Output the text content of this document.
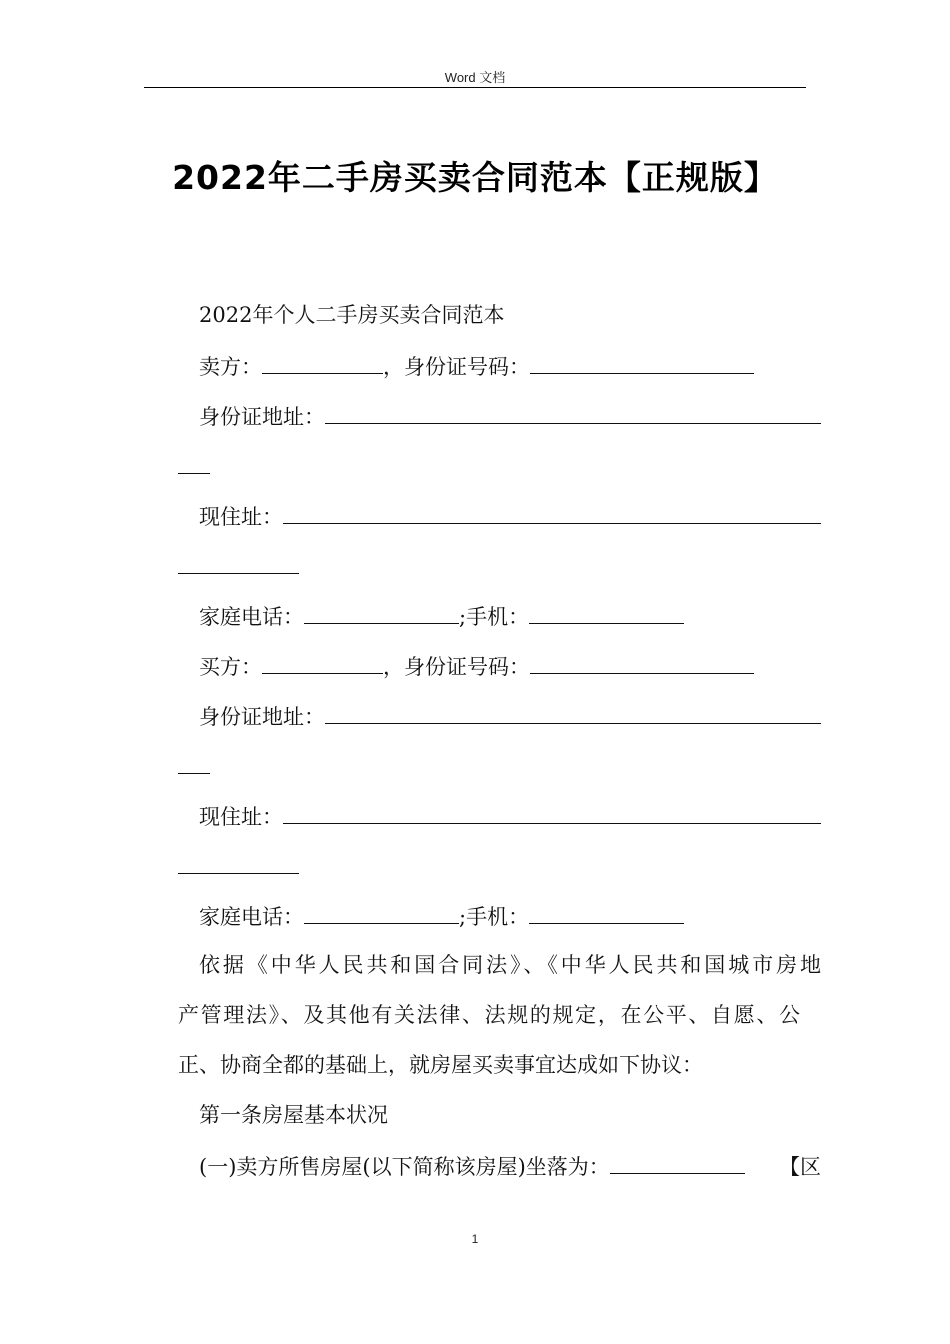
Word 文档
2022年二手房买卖合同范本【正规版】
2022年个人二手房买卖合同范本
卖方：	，身份证号码：
身份证地址：
现住址：
家庭电话：	;手机：
买方：	，身份证号码：
身份证地址：
现住址：
家庭电话：	;手机：
依据《中华人民共和国合同法》、《中华人民共和国城市房地
产管理法》、及其他有关法律、法规的规定，在公平、自愿、公
正、协商全都的基础上，就房屋买卖事宜达成如下协议：
第一条房屋基本状况
(一)卖方所售房屋(以下简称该房屋)坐落为：	【区
1
